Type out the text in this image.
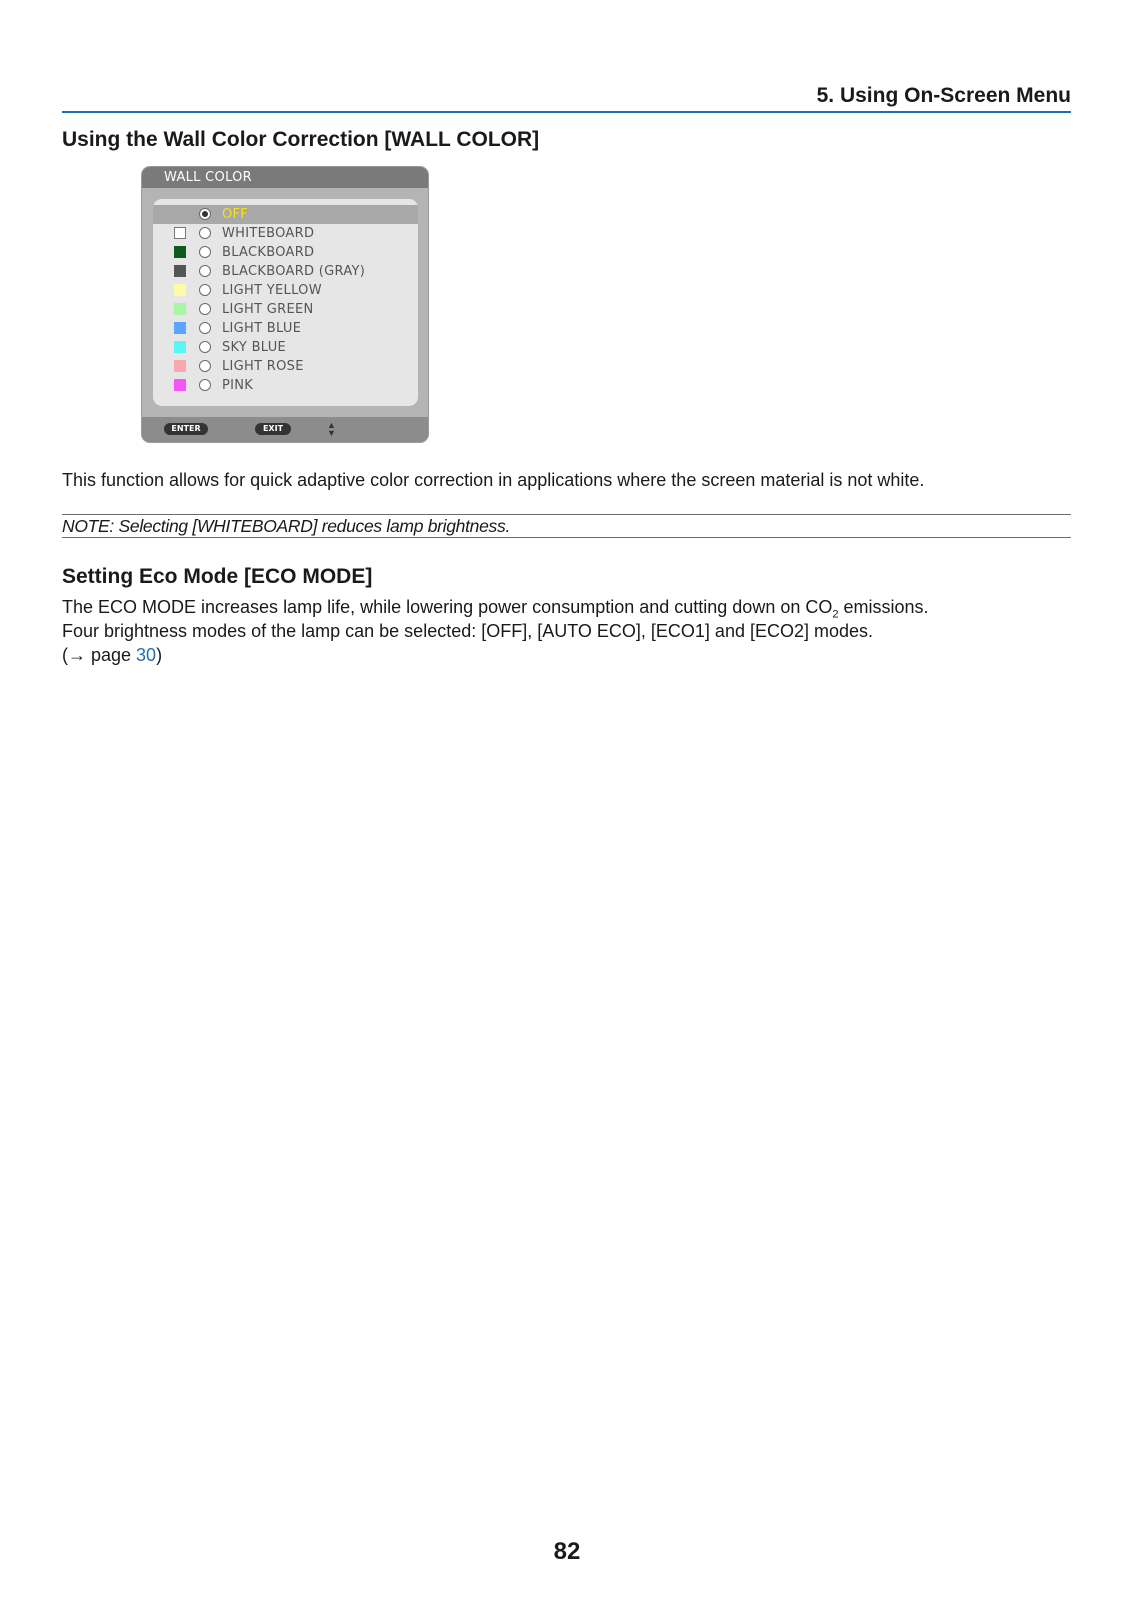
5. Using On-Screen Menu
Using the Wall Color Correction [WALL COLOR]
WALL COLOR
OFF
WHITEBOARD
BLACKBOARD
BLACKBOARD (GRAY)
LIGHT YELLOW
LIGHT GREEN
LIGHT BLUE
SKY BLUE
LIGHT ROSE
PINK
ENTER	EXIT	▲
▼
This function allows for quick adaptive color correction in applications where the screen material is not white.
NOTE: Selecting [WHITEBOARD] reduces lamp brightness.
Setting Eco Mode [ECO MODE]
The ECO MODE increases lamp life, while lowering power consumption and cutting down on $CO_2$ emissions.
Four brightness modes of the lamp can be selected: [OFF], [AUTO ECO], [ECO1] and [ECO2] modes.
(→ page 30)
82
